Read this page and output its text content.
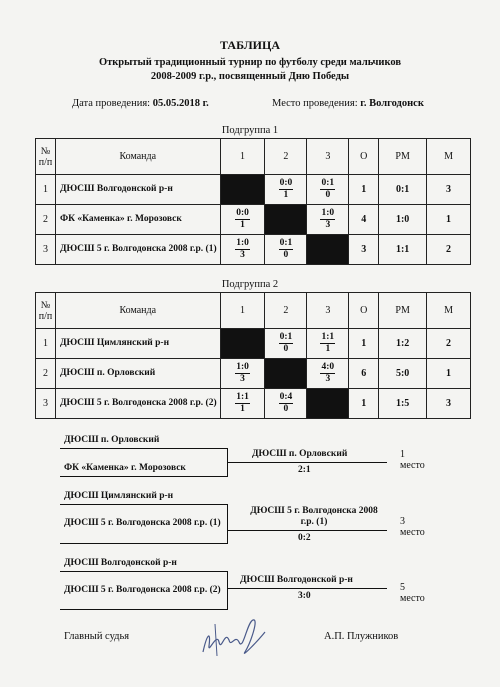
ТАБЛИЦА
Открытый традиционный турнир по футболу среди мальчиков
2008-2009 г.р., посвященный Дню Победы
Дата проведения: 05.05.2018 г.	Место проведения: г. Волгодонск
Подгруппа 1
№ п/п	Команда	1	2	3	О	РМ	М
1	ДЮСШ Волгодонской р-н		$\frac{0:0}{1}$	$\frac{0:1}{0}$	1	0:1	3
2	ФК «Каменка» г. Морозовск	$\frac{0:0}{1}$		$\frac{1:0}{3}$	4	1:0	1
3	ДЮСШ 5 г. Волгодонска 2008 г.р. (1)	$\frac{1:0}{3}$	$\frac{0:1}{0}$		3	1:1	2
Подгруппа 2
№ п/п	Команда	1	2	3	О	РМ	М
1	ДЮСШ Цимлянский р-н		$\frac{0:1}{0}$	$\frac{1:1}{1}$	1	1:2	2
2	ДЮСШ п. Орловский	$\frac{1:0}{3}$		$\frac{4:0}{3}$	6	5:0	1
3	ДЮСШ 5 г. Волгодонска 2008 г.р. (2)	$\frac{1:1}{1}$	$\frac{0:4}{0}$		1	1:5	3
ДЮСШ п. Орловский
ФК «Каменка» г. Морозовск
ДЮСШ п. Орловский
2:1
1 место
ДЮСШ Цимлянский р-н
ДЮСШ 5 г. Волгодонска 2008 г.р. (1)
ДЮСШ 5 г. Волгодонска 2008 г.р. (1)
0:2
3 место
ДЮСШ Волгодонской р-н
ДЮСШ 5 г. Волгодонска 2008 г.р. (2)
ДЮСШ Волгодонской р-н
3:0
5 место
Главный судья	А.П. Плужников
